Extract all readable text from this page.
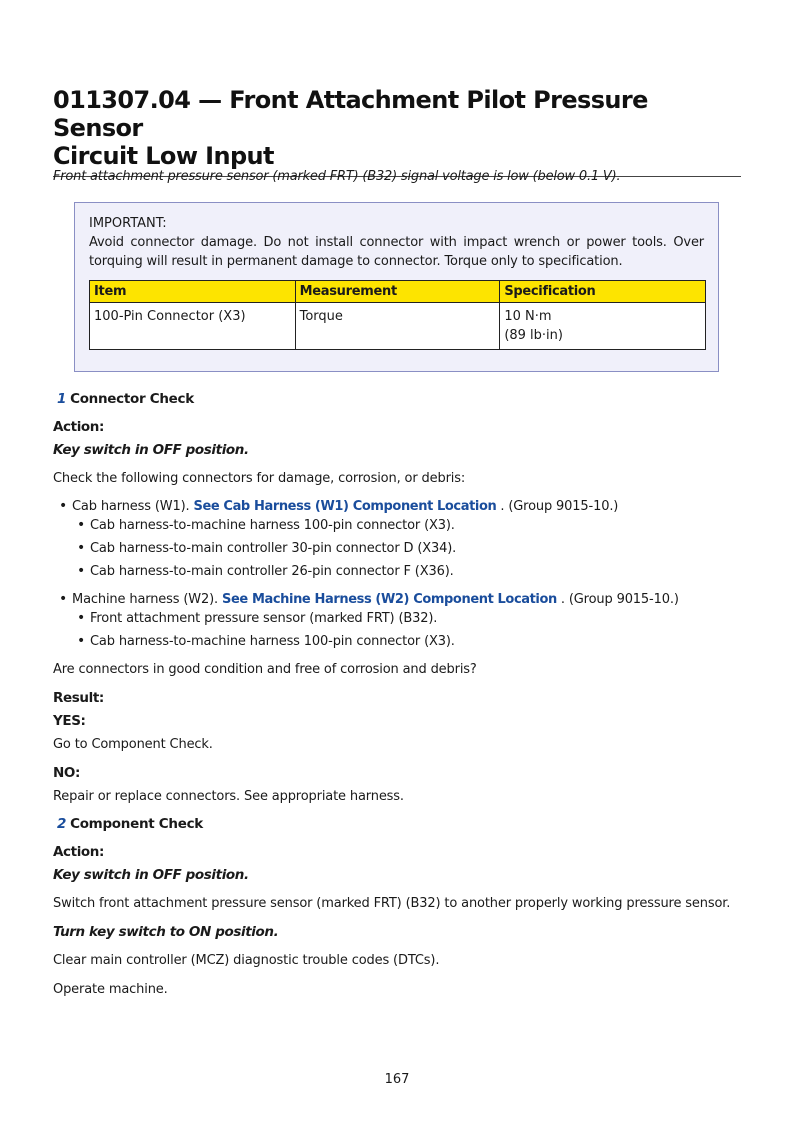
011307.04 — Front Attachment Pilot Pressure Sensor
Circuit Low Input
Front attachment pressure sensor (marked FRT) (B32) signal voltage is low (below 0.1 V).
IMPORTANT:
Avoid connector damage. Do not install connector with impact wrench or power tools. Over torquing will result in permanent damage to connector. Torque only to specification.
Item	Measurement	Specification
100-Pin Connector (X3)	Torque	10 N·m
(89 lb·in)
1 Connector Check
Action:
Key switch in OFF position.
Check the following connectors for damage, corrosion, or debris:
• Cab harness (W1). See Cab Harness (W1) Component Location . (Group 9015-10.)
• Cab harness-to-machine harness 100-pin connector (X3).
• Cab harness-to-main controller 30-pin connector D (X34).
• Cab harness-to-main controller 26-pin connector F (X36).
• Machine harness (W2). See Machine Harness (W2) Component Location . (Group 9015-10.)
• Front attachment pressure sensor (marked FRT) (B32).
• Cab harness-to-machine harness 100-pin connector (X3).
Are connectors in good condition and free of corrosion and debris?
Result:
YES:
Go to Component Check.
NO:
Repair or replace connectors. See appropriate harness.
2 Component Check
Action:
Key switch in OFF position.
Switch front attachment pressure sensor (marked FRT) (B32) to another properly working pressure sensor.
Turn key switch to ON position.
Clear main controller (MCZ) diagnostic trouble codes (DTCs).
Operate machine.
167
